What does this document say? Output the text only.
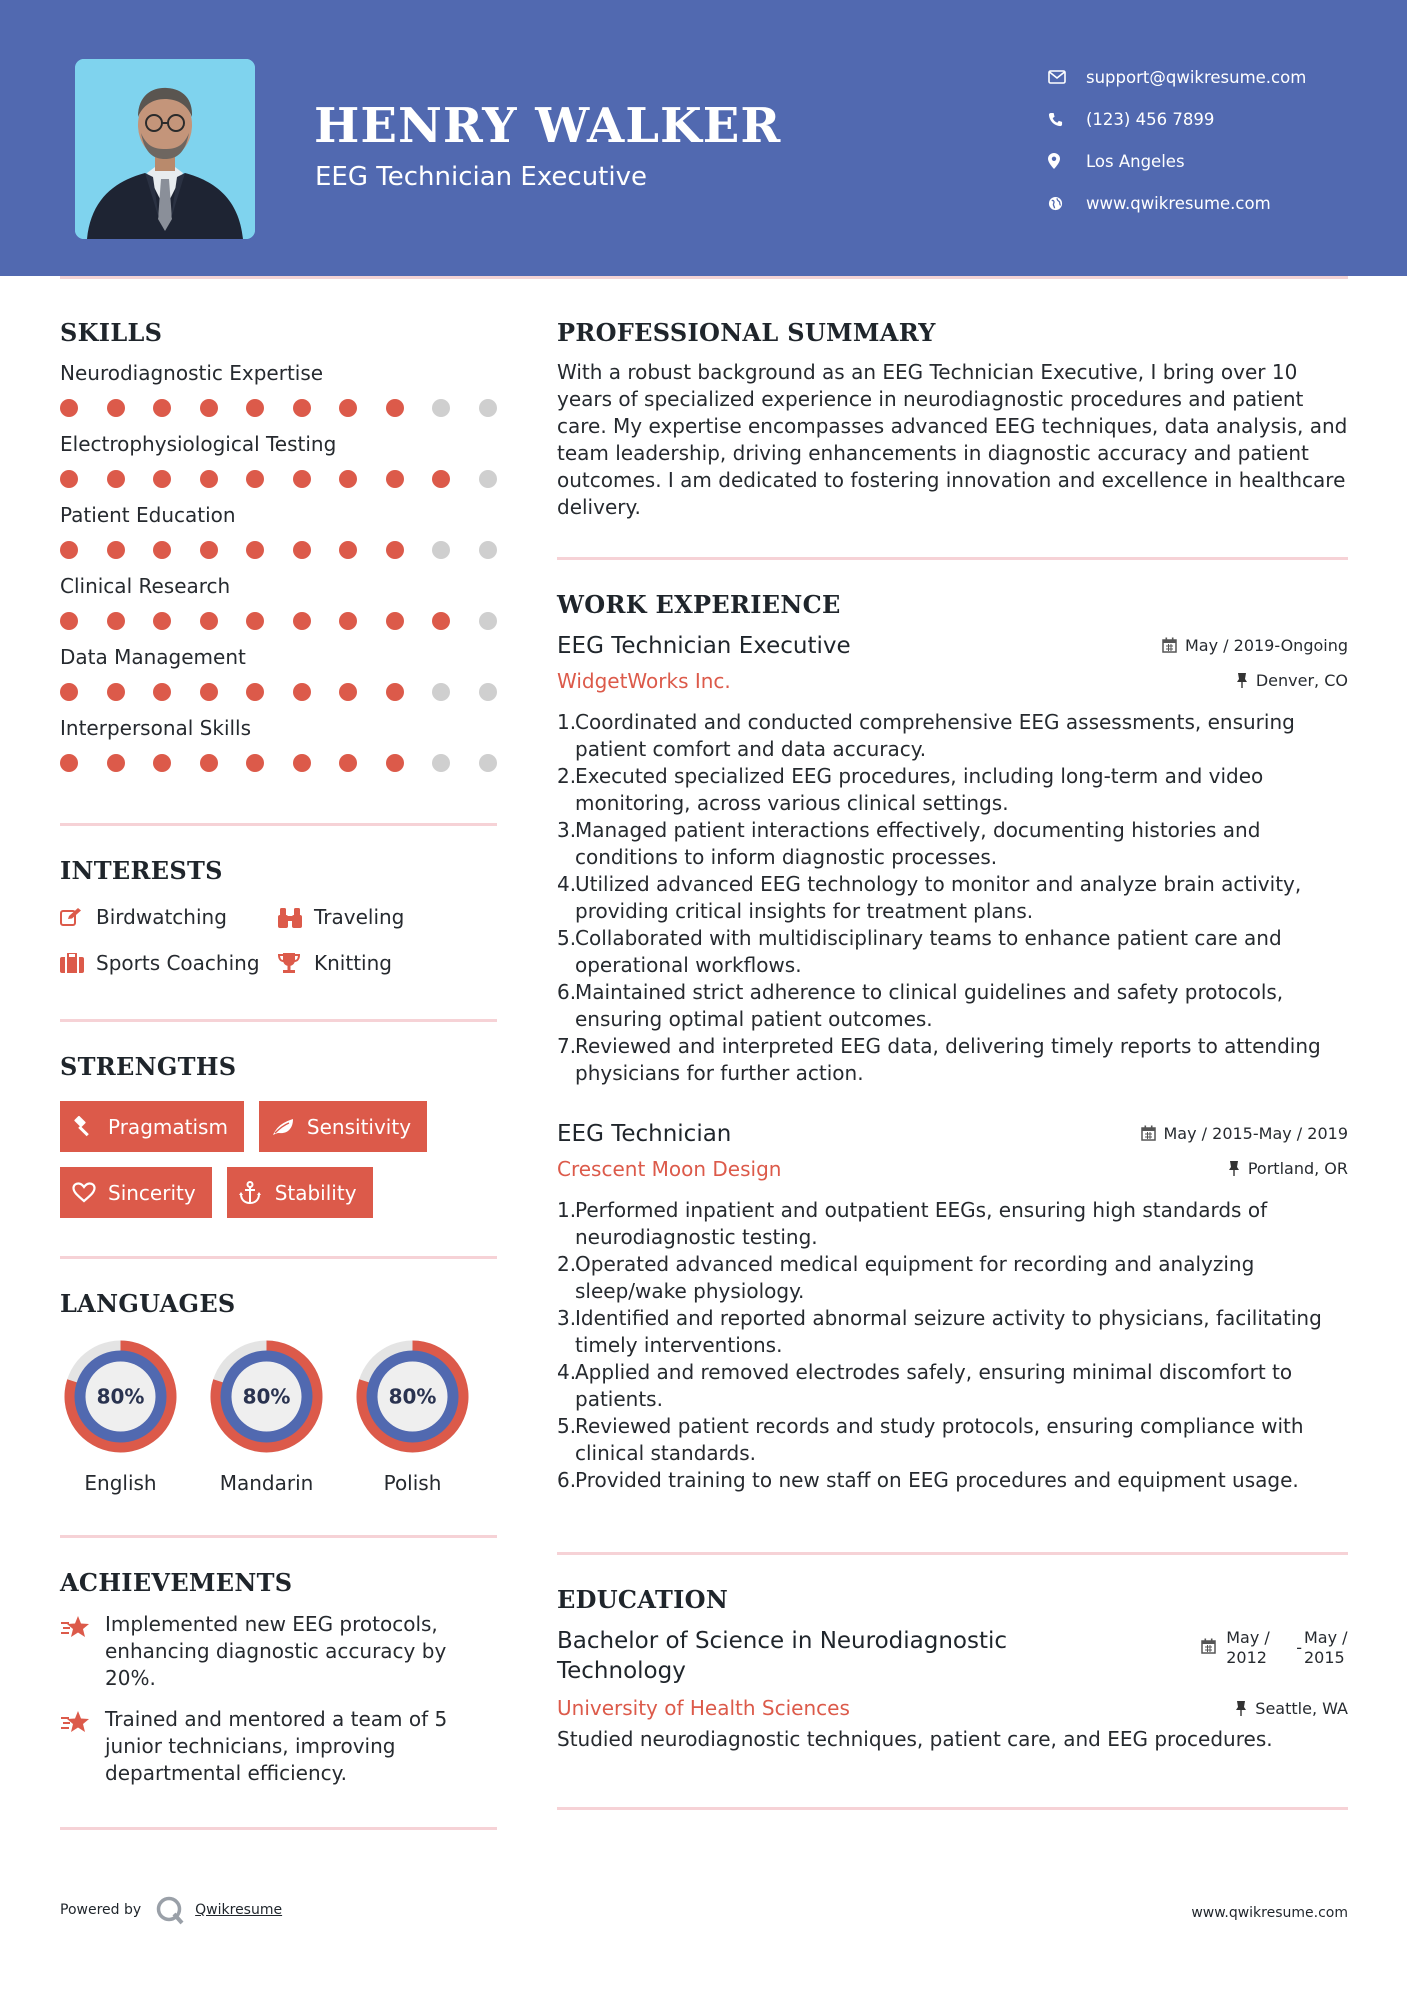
HENRY WALKER
EEG Technician Executive
support@qwikresume.com
(123) 456 7899
Los Angeles
www.qwikresume.com
SKILLS
Neurodiagnostic Expertise
Electrophysiological Testing
Patient Education
Clinical Research
Data Management
Interpersonal Skills
INTERESTS
Birdwatching	Traveling
Sports Coaching	Knitting
STRENGTHS
Pragmatism	Sensitivity
Sincerity	Stability
LANGUAGES
80%
English
80%
Mandarin
80%
Polish
ACHIEVEMENTS
Implemented new EEG protocols, enhancing diagnostic accuracy by 20%.
Trained and mentored a team of 5 junior technicians, improving departmental efficiency.
PROFESSIONAL SUMMARY
With a robust background as an EEG Technician Executive, I bring over 10 years of specialized experience in neurodiagnostic procedures and patient care. My expertise encompasses advanced EEG techniques, data analysis, and team leadership, driving enhancements in diagnostic accuracy and patient outcomes. I am dedicated to fostering innovation and excellence in healthcare delivery.
WORK EXPERIENCE
EEG Technician Executive	May / 2019-Ongoing
WidgetWorks Inc.	Denver, CO
1.
Coordinated and conducted comprehensive EEG assessments, ensuring patient comfort and data accuracy.
2.
Executed specialized EEG procedures, including long-term and video monitoring, across various clinical settings.
3.
Managed patient interactions effectively, documenting histories and conditions to inform diagnostic processes.
4.
Utilized advanced EEG technology to monitor and analyze brain activity, providing critical insights for treatment plans.
5.
Collaborated with multidisciplinary teams to enhance patient care and operational workflows.
6.
Maintained strict adherence to clinical guidelines and safety protocols, ensuring optimal patient outcomes.
7.
Reviewed and interpreted EEG data, delivering timely reports to attending physicians for further action.
EEG Technician	May / 2015-May / 2019
Crescent Moon Design	Portland, OR
1.
Performed inpatient and outpatient EEGs, ensuring high standards of neurodiagnostic testing.
2.
Operated advanced medical equipment for recording and analyzing sleep/wake physiology.
3.
Identified and reported abnormal seizure activity to physicians, facilitating timely interventions.
4.
Applied and removed electrodes safely, ensuring minimal discomfort to patients.
5.
Reviewed patient records and study protocols, ensuring compliance with clinical standards.
6.
Provided training to new staff on EEG procedures and equipment usage.
EDUCATION
Bachelor of Science in Neurodiagnostic Technology
May / 2012
-
May / 2015
University of Health Sciences	Seattle, WA
Studied neurodiagnostic techniques, patient care, and EEG procedures.
Powered by	Qwikresume	www.qwikresume.com
